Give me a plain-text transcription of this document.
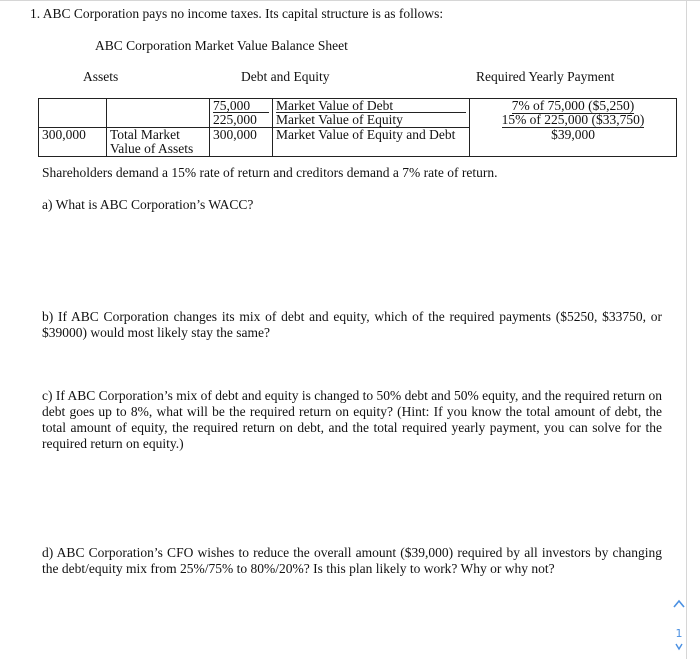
1. ABC Corporation pays no income taxes. Its capital structure is as follows:
ABC Corporation Market Value Balance Sheet
Assets	Debt and Equity	Required Yearly Payment
		75,000	Market Value of Debt	7% of 75,000 ($5,250)
		225,000	Market Value of Equity	15% of 225,000 ($33,750)
300,000	Total Market Value of Assets	300,000	Market Value of Equity and Debt	$39,000
Shareholders demand a 15% rate of return and creditors demand a 7% rate of return.
a) What is ABC Corporation’s WACC?
b) If ABC Corporation changes its mix of debt and equity, which of the required payments ($5250, $33750, or $39000) would most likely stay the same?
c) If ABC Corporation’s mix of debt and equity is changed to 50% debt and 50% equity, and the required return on debt goes up to 8%, what will be the required return on equity? (Hint: If you know the total amount of debt, the total amount of equity, the required return on debt, and the total required yearly payment, you can solve for the required return on equity.)
d) ABC Corporation’s CFO wishes to reduce the overall amount ($39,000) required by all investors by changing the debt/equity mix from 25%/75% to 80%/20%? Is this plan likely to work? Why or why not?
1
